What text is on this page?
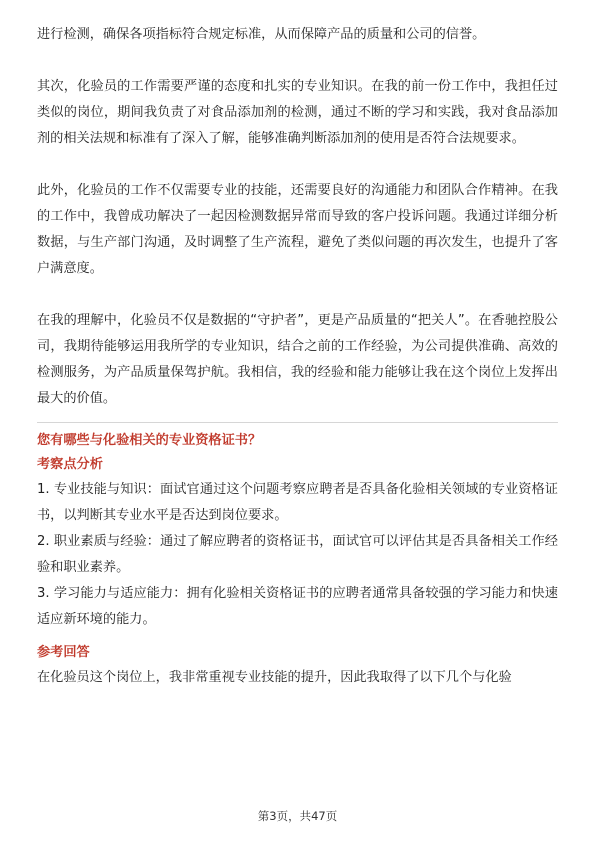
进行检测，确保各项指标符合规定标准，从而保障产品的质量和公司的信誉。

其次，化验员的工作需要严谨的态度和扎实的专业知识。在我的前一份工作中，我担任过类似的岗位，期间我负责了对食品添加剂的检测，通过不断的学习和实践，我对食品添加剂的相关法规和标准有了深入了解，能够准确判断添加剂的使用是否符合法规要求。

此外，化验员的工作不仅需要专业的技能，还需要良好的沟通能力和团队合作精神。在我的工作中，我曾成功解决了一起因检测数据异常而导致的客户投诉问题。我通过详细分析数据，与生产部门沟通，及时调整了生产流程，避免了类似问题的再次发生，也提升了客户满意度。

在我的理解中，化验员不仅是数据的“守护者”，更是产品质量的“把关人”。在香驰控股公司，我期待能够运用我所学的专业知识，结合之前的工作经验，为公司提供准确、高效的检测服务，为产品质量保驾护航。我相信，我的经验和能力能够让我在这个岗位上发挥出最大的价值。

您有哪些与化验相关的专业资格证书？

考察点分析

1. 专业技能与知识：面试官通过这个问题考察应聘者是否具备化验相关领域的专业资格证书，以判断其专业水平是否达到岗位要求。

2. 职业素质与经验：通过了解应聘者的资格证书，面试官可以评估其是否具备相关工作经验和职业素养。

3. 学习能力与适应能力：拥有化验相关资格证书的应聘者通常具备较强的学习能力和快速适应新环境的能力。

参考回答

在化验员这个岗位上，我非常重视专业技能的提升，因此我取得了以下几个与化验

第3页，共47页
